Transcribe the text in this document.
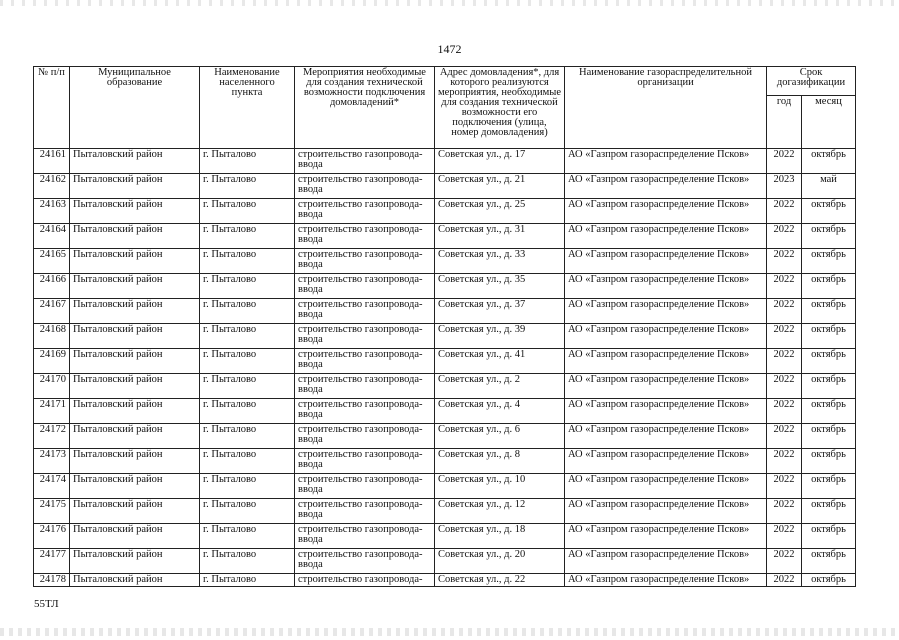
1472
№ п/п	Муниципальное образование	Наименование населенного пункта	Мероприятия необходимые для создания технической возможности подключения домовладений*	Адрес домовладения*, для которого реализуются мероприятия, необходимые для создания технической возможности его подключения (улица, номер домовладения)	Наименование газораспределительной организации	Срок догазификации	
						год	месяц
24161	Пыталовский район	г. Пыталово	строительство газопровода-ввода	Советская ул., д. 17	АО «Газпром газораспределение Псков»	2022	октябрь
24162	Пыталовский район	г. Пыталово	строительство газопровода-ввода	Советская ул., д. 21	АО «Газпром газораспределение Псков»	2023	май
24163	Пыталовский район	г. Пыталово	строительство газопровода-ввода	Советская ул., д. 25	АО «Газпром газораспределение Псков»	2022	октябрь
24164	Пыталовский район	г. Пыталово	строительство газопровода-ввода	Советская ул., д. 31	АО «Газпром газораспределение Псков»	2022	октябрь
24165	Пыталовский район	г. Пыталово	строительство газопровода-ввода	Советская ул., д. 33	АО «Газпром газораспределение Псков»	2022	октябрь
24166	Пыталовский район	г. Пыталово	строительство газопровода-ввода	Советская ул., д. 35	АО «Газпром газораспределение Псков»	2022	октябрь
24167	Пыталовский район	г. Пыталово	строительство газопровода-ввода	Советская ул., д. 37	АО «Газпром газораспределение Псков»	2022	октябрь
24168	Пыталовский район	г. Пыталово	строительство газопровода-ввода	Советская ул., д. 39	АО «Газпром газораспределение Псков»	2022	октябрь
24169	Пыталовский район	г. Пыталово	строительство газопровода-ввода	Советская ул., д. 41	АО «Газпром газораспределение Псков»	2022	октябрь
24170	Пыталовский район	г. Пыталово	строительство газопровода-ввода	Советская ул., д. 2	АО «Газпром газораспределение Псков»	2022	октябрь
24171	Пыталовский район	г. Пыталово	строительство газопровода-ввода	Советская ул., д. 4	АО «Газпром газораспределение Псков»	2022	октябрь
24172	Пыталовский район	г. Пыталово	строительство газопровода-ввода	Советская ул., д. 6	АО «Газпром газораспределение Псков»	2022	октябрь
24173	Пыталовский район	г. Пыталово	строительство газопровода-ввода	Советская ул., д. 8	АО «Газпром газораспределение Псков»	2022	октябрь
24174	Пыталовский район	г. Пыталово	строительство газопровода-ввода	Советская ул., д. 10	АО «Газпром газораспределение Псков»	2022	октябрь
24175	Пыталовский район	г. Пыталово	строительство газопровода-ввода	Советская ул., д. 12	АО «Газпром газораспределение Псков»	2022	октябрь
24176	Пыталовский район	г. Пыталово	строительство газопровода-ввода	Советская ул., д. 18	АО «Газпром газораспределение Псков»	2022	октябрь
24177	Пыталовский район	г. Пыталово	строительство газопровода-ввода	Советская ул., д. 20	АО «Газпром газораспределение Псков»	2022	октябрь
24178	Пыталовский район	г. Пыталово	строительство газопровода-	Советская ул., д. 22	АО «Газпром газораспределение Псков»	2022	октябрь
55ТЛ
